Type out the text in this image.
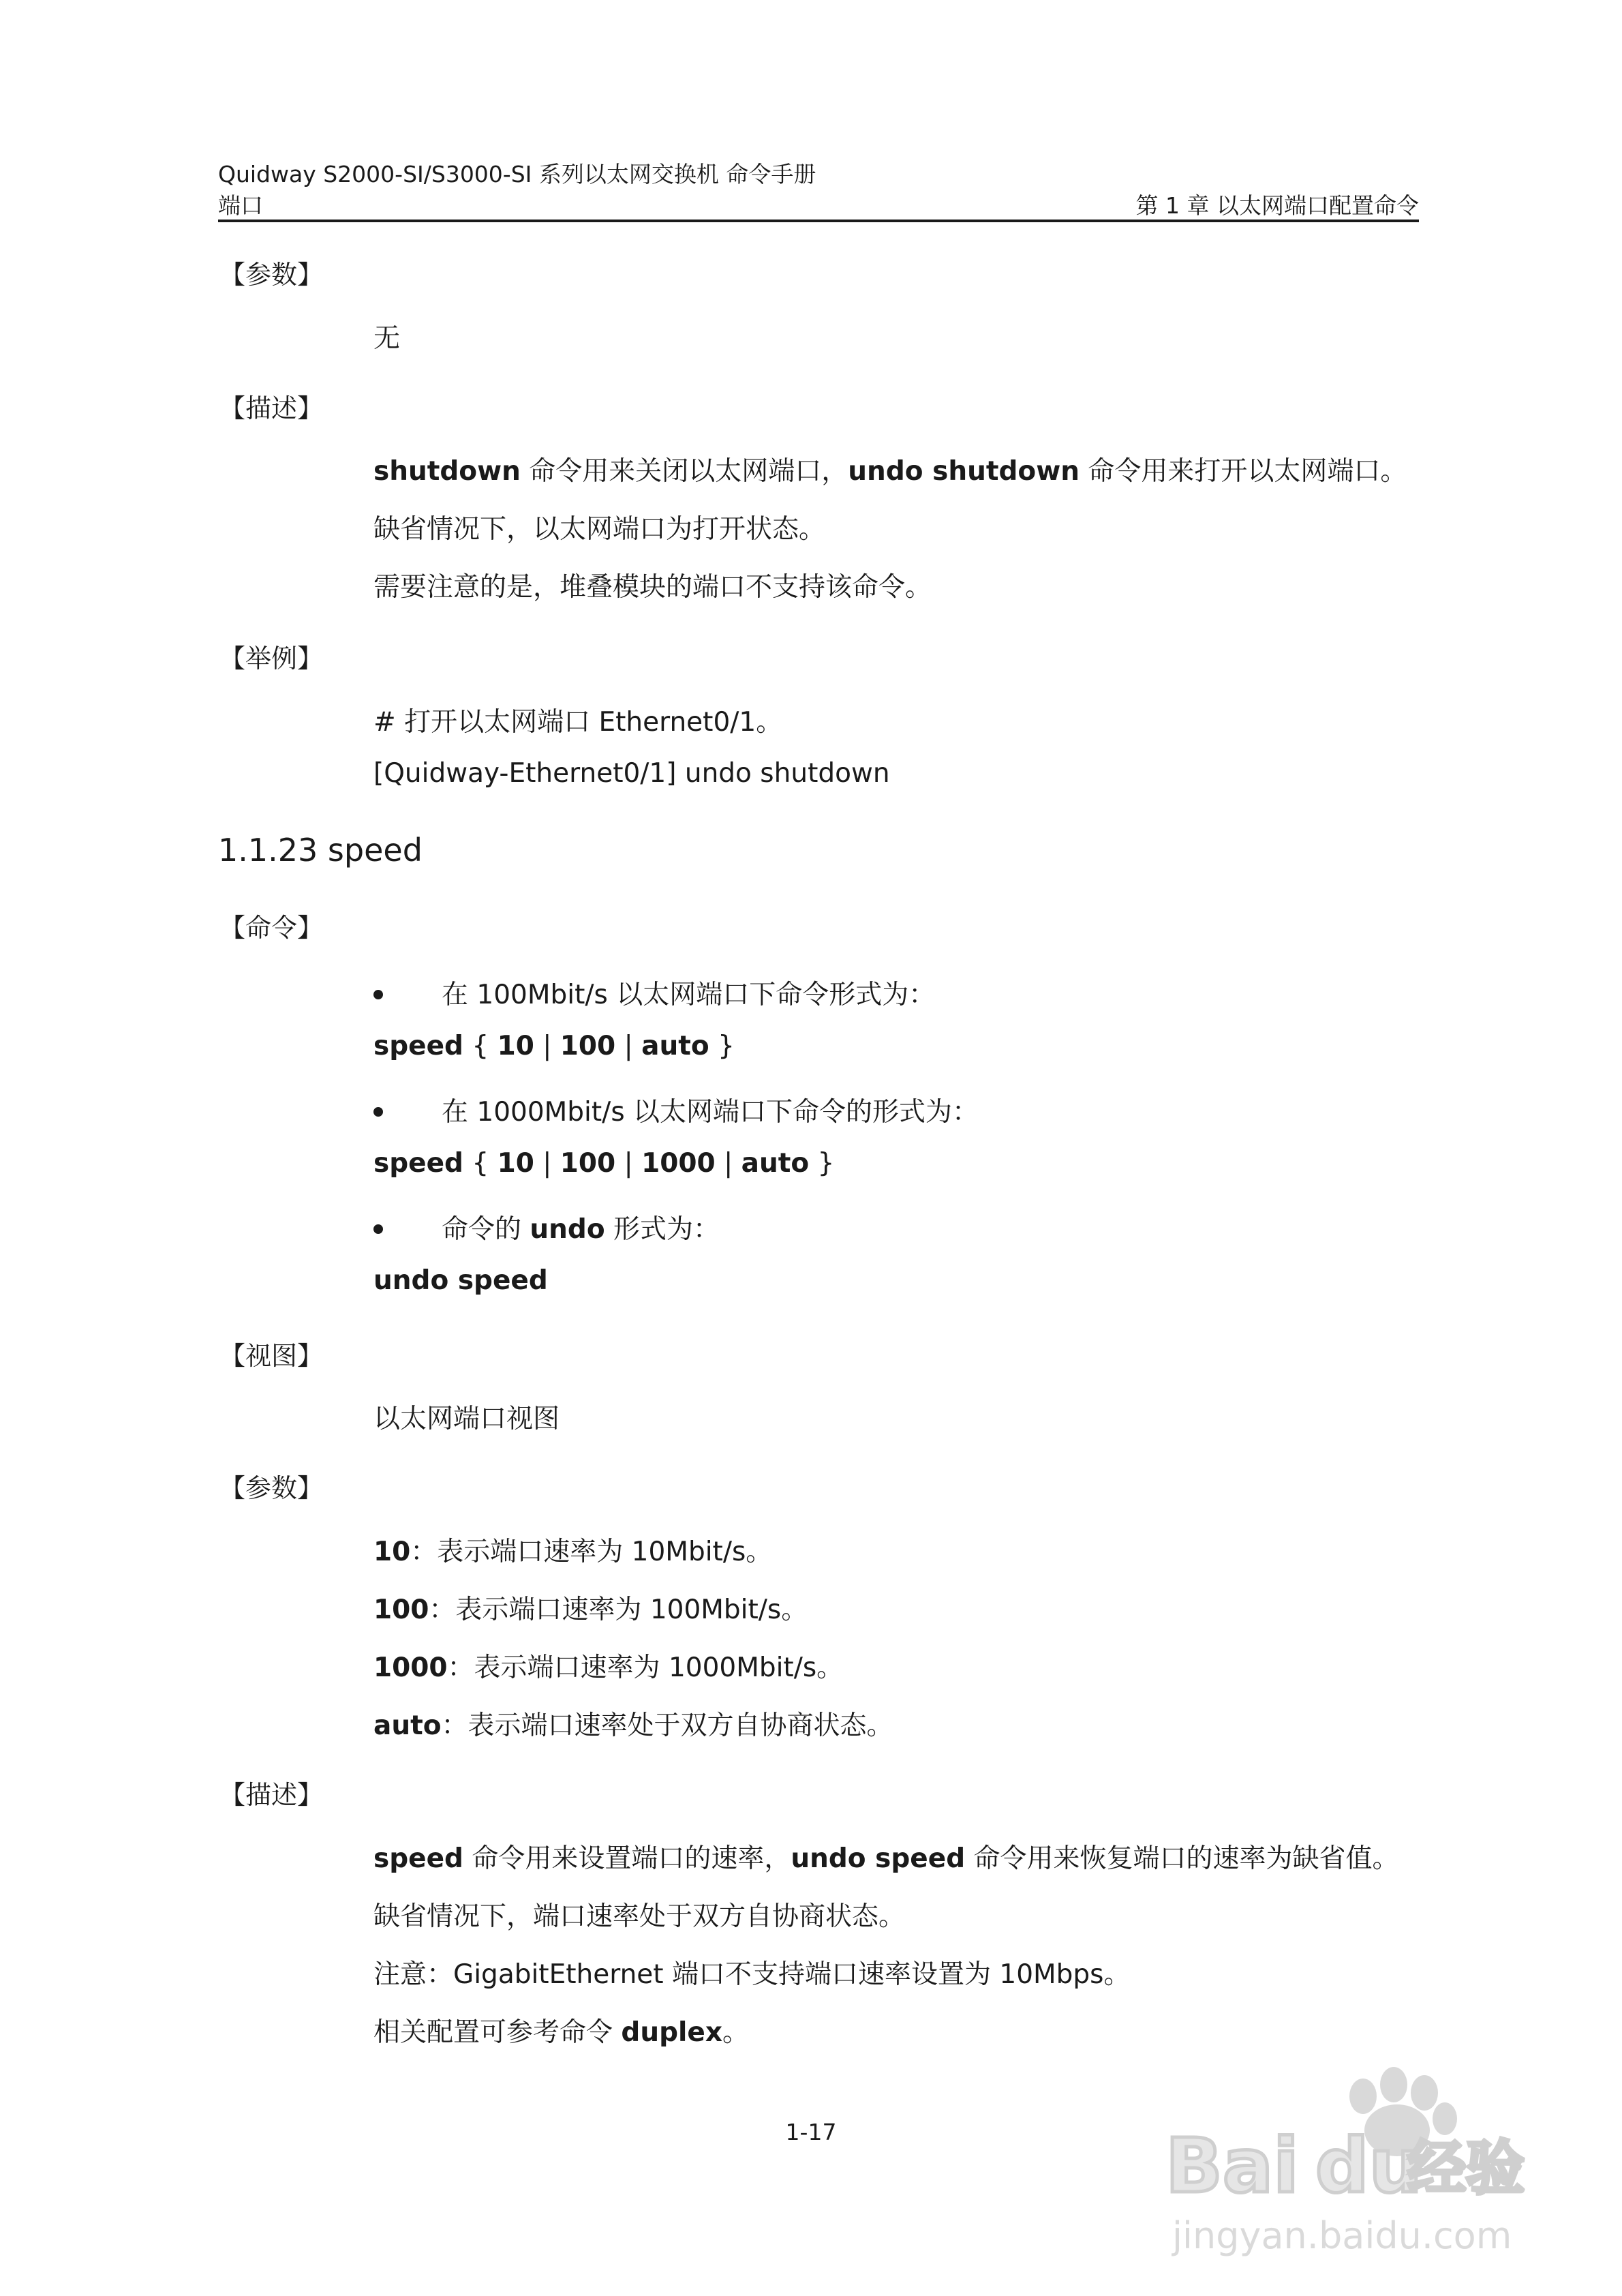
Quidway S2000-SI/S3000-SI 系列以太网交换机 命令手册
端口	第 1 章 以太网端口配置命令
【参数】
无
【描述】
shutdown 命令用来关闭以太网端口，undo shutdown 命令用来打开以太网端口。
缺省情况下，以太网端口为打开状态。
需要注意的是，堆叠模块的端口不支持该命令。
【举例】
# 打开以太网端口 Ethernet0/1。
[Quidway-Ethernet0/1] undo shutdown
1.1.23 speed
【命令】
在 100Mbit/s 以太网端口下命令形式为：
speed { 10 | 100 | auto }
在 1000Mbit/s 以太网端口下命令的形式为：
speed { 10 | 100 | 1000 | auto }
命令的 undo 形式为：
undo speed
【视图】
以太网端口视图
【参数】
10：表示端口速率为 10Mbit/s。
100：表示端口速率为 100Mbit/s。
1000：表示端口速率为 1000Mbit/s。
auto：表示端口速率处于双方自协商状态。
【描述】
speed 命令用来设置端口的速率，undo speed 命令用来恢复端口的速率为缺省值。
缺省情况下，端口速率处于双方自协商状态。
注意：GigabitEthernet 端口不支持端口速率设置为 10Mbps。
相关配置可参考命令 duplex。
1-17	Bai du
经验
jingyan.baidu.com
